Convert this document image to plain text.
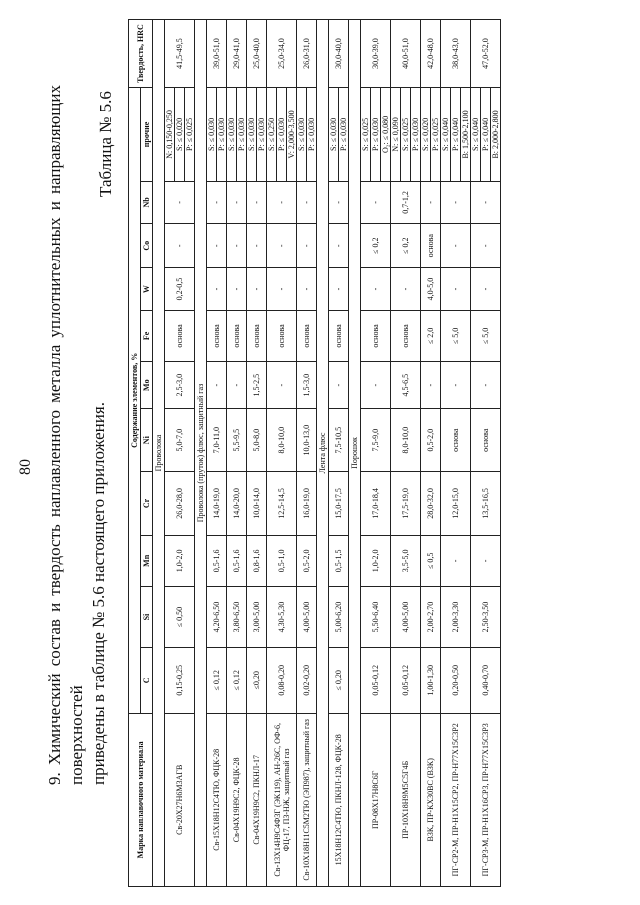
80 9. Химический состав и твердость наплавленного металла уплотнительных и направляющих поверхностей приведены в таблице № 5.6 настоящего приложения.
Таблица № 5.6
Марка наплавочного материала	Содержание элементов, %											Твердость, HRC
	C	Si	Mn	Cr	Ni	Mo	Fe	W	Co	Nb	прочие	
Проволока												
Св-20Х27Н6М3АГВ	0,15-0,25	≤ 0,50	1,0-2,0	26,0-28,0	5,0-7,0	2,5-3,0	основа	0,2-0,5	-	-	N: 0,150-0,250 S: ≤ 0,020 P: ≤ 0,025	41,5-49,5
Проволока (пруток) флюс, защитный газ												
Св-15Х18Н12С4ТЮ, ФЦК-28	≤ 0,12	4,20-6,50	0,5-1,6	14,0-19,0	7,0-11,0	-	основа	-	-	-	S: ≤ 0,030 P: ≤ 0,030	39,0-51,0
Св-04Х19Н9С2, ФЦК-28	≤ 0,12	3,80-6,50	0,5-1,6	14,0-20,0	5,5-9,5	-	основа	-	-	-	S: ≤ 0,030 P: ≤ 0,030	29,0-41,0
Св-04Х19Н9С2, ПКНЛ-17	≤0,20	3,00-5,00	0,8-1,6	10,0-14,0	5,0-8,0	1,5-2,5	основа	-	-	-	S: ≤ 0,030 P: ≤ 0,030	25,0-40,0
Св-13Х14Н9С4Ф3Г (ЭК119), АН-26С, ОФ-6, ФЦ-17, ПЗ-НЖ, защитный газ	0,08-0,20	4,30-5,30	0,5-1,0	12,5-14,5	8,0-10,0	-	основа	-	-	-	S: ≤ 0,250 P: ≤ 0,030 V: 2,000-3,500	25,0-34,0
Св-10Х18Н11С5М2ТЮ (ЭП987), защитный газ	0,02-0,20	4,00-5,00	0,5-2,0	16,0-19,0	10,0-13,0	1,5-3,0	основа	-	-	-	S: ≤ 0,030 P: ≤ 0,030	26,0-31,0
Лента флюс												
15Х18Н12С4ТЮ, ПКНЛ-128, ФЦК-28	≤ 0,20	5,00-6,20	0,5-1,5	15,0-17,5	7,5-10,5	-	основа	-	-	-	S: ≤ 0,030 P: ≤ 0,030	30,0-40,0
Порошок												
ПР-08Х17Н8С6Г	0,05-0,12	5,50-6,40	1,0-2,0	17,0-18,4	7,5-9,0	-	основа	-	≤ 0,2	-	S: ≤ 0,025 P: ≤ 0,030 O₂: ≤ 0,080	30,0-39,0
ПР-10Х18Н9М5С5Г4Б	0,05-0,12	4,00-5,00	3,5-5,0	17,5-19,0	8,0-10,0	4,5-6,5	основа	-	≤ 0,2	0,7-1,2	N: ≤ 0,090 S: ≤ 0,025 P: ≤ 0,030	40,0-51,0
ВЗК, ПР-КХ30ВС (ВЗК)	1,00-1,30	2,00-2,70	≤ 0,5	28,0-32,0	0,5-2,0	-	≤ 2,0	4,0-5,0	основа	-	S: ≤ 0,020 P: ≤ 0,025	42,0-48,0
ПГ-СР2-М, ПР-Н1Х15СР2, ПР-Н77Х15С3Р2	0,20-0,50	2,00-3,30	-	12,0-15,0	основа	-	≤ 5,0	-	-	-	S: ≤ 0,040 P: ≤ 0,040 B: 1,500-2,100	38,0-43,0
ПГ-СР3-М, ПР-Н1Х16СР3, ПР-Н77Х15С3Р3	0,40-0,70	2,50-3,50	-	13,5-16,5	основа	-	≤ 5,0	-	-	-	S: ≤ 0,040 P: ≤ 0,040 B: 2,000-2,800	47,0-52,0
